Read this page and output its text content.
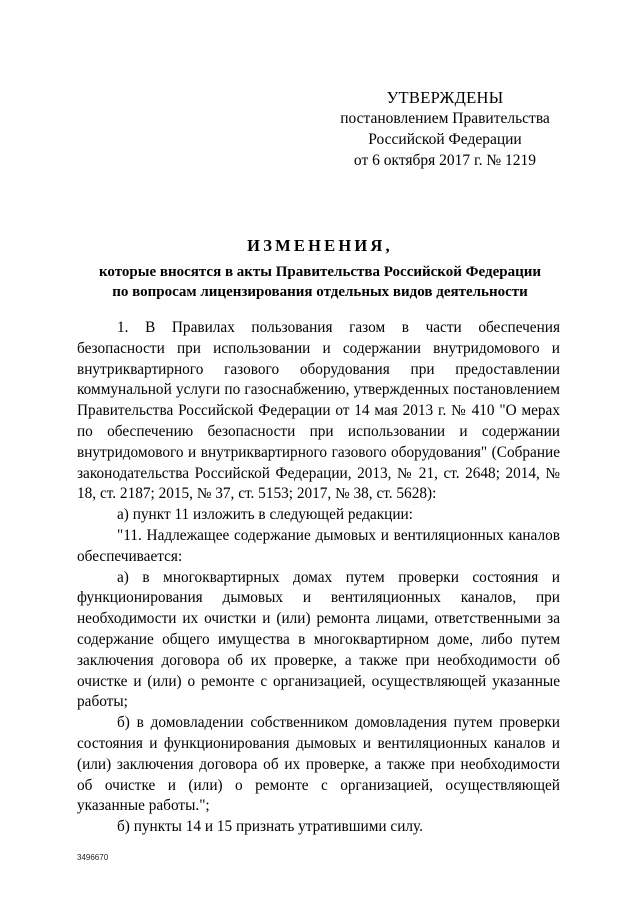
УТВЕРЖДЕНЫ
постановлением Правительства
Российской Федерации
от 6 октября 2017 г. № 1219
ИЗМЕНЕНИЯ,
которые вносятся в акты Правительства Российской Федерации
по вопросам лицензирования отдельных видов деятельности

1. В Правилах пользования газом в части обеспечения безопасности при использовании и содержании внутридомового и внутриквартирного газового оборудования при предоставлении коммунальной услуги по газоснабжению, утвержденных постановлением Правительства Российской Федерации от 14 мая 2013 г. № 410 "О мерах по обеспечению безопасности при использовании и содержании внутридомового и внутриквартирного газового оборудования" (Собрание законодательства Российской Федерации, 2013, № 21, ст. 2648; 2014, № 18, ст. 2187; 2015, № 37, ст. 5153; 2017, № 38, ст. 5628):

а) пункт 11 изложить в следующей редакции:

"11. Надлежащее содержание дымовых и вентиляционных каналов обеспечивается:

а) в многоквартирных домах путем проверки состояния и функционирования дымовых и вентиляционных каналов, при необходимости их очистки и (или) ремонта лицами, ответственными за содержание общего имущества в многоквартирном доме, либо путем заключения договора об их проверке, а также при необходимости об очистке и (или) о ремонте с организацией, осуществляющей указанные работы;

б) в домовладении собственником домовладения путем проверки состояния и функционирования дымовых и вентиляционных каналов и (или) заключения договора об их проверке, а также при необходимости об очистке и (или) о ремонте с организацией, осуществляющей указанные работы.";

б) пункты 14 и 15 признать утратившими силу.

3496670
